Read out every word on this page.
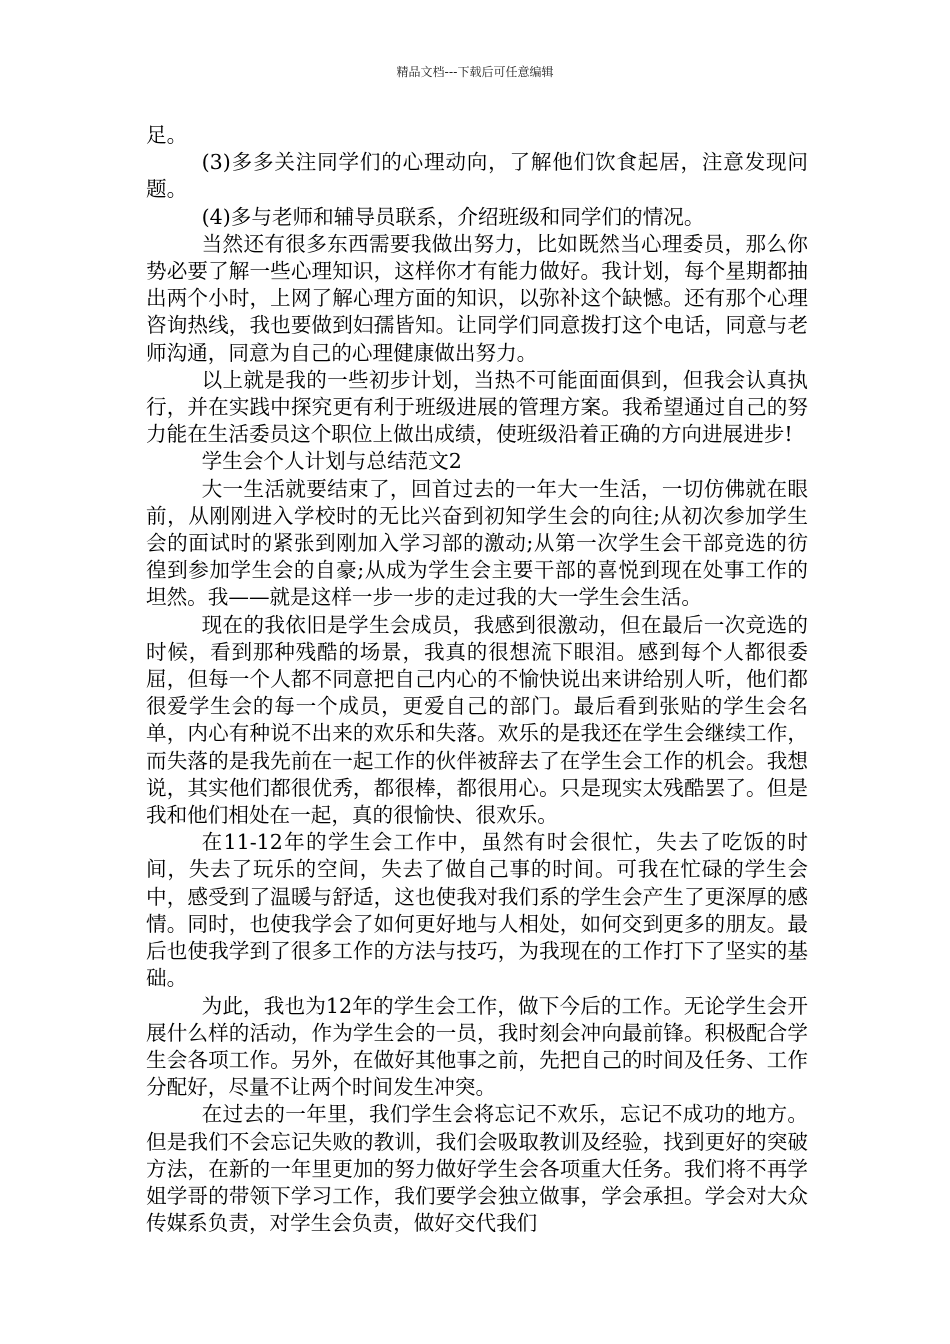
精品文档---下载后可任意编辑

足。

(3)多多关注同学们的心理动向，了解他们饮食起居，注意发现问题。

(4)多与老师和辅导员联系，介绍班级和同学们的情况。

当然还有很多东西需要我做出努力，比如既然当心理委员，那么你势必要了解一些心理知识，这样你才有能力做好。我计划，每个星期都抽出两个小时，上网了解心理方面的知识，以弥补这个缺憾。还有那个心理咨询热线，我也要做到妇孺皆知。让同学们同意拨打这个电话，同意与老师沟通，同意为自己的心理健康做出努力。

以上就是我的一些初步计划，当热不可能面面俱到，但我会认真执行，并在实践中探究更有利于班级进展的管理方案。我希望通过自己的努力能在生活委员这个职位上做出成绩，使班级沿着正确的方向进展进步!

学生会个人计划与总结范文2

大一生活就要结束了，回首过去的一年大一生活，一切仿佛就在眼前，从刚刚进入学校时的无比兴奋到初知学生会的向往;从初次参加学生会的面试时的紧张到刚加入学习部的激动;从第一次学生会干部竞选的彷徨到参加学生会的自豪;从成为学生会主要干部的喜悦到现在处事工作的坦然。我——就是这样一步一步的走过我的大一学生会生活。

现在的我依旧是学生会成员，我感到很激动，但在最后一次竞选的时候，看到那种残酷的场景，我真的很想流下眼泪。感到每个人都很委屈，但每一个人都不同意把自己内心的不愉快说出来讲给别人听，他们都很爱学生会的每一个成员，更爱自己的部门。最后看到张贴的学生会名单，内心有种说不出来的欢乐和失落。欢乐的是我还在学生会继续工作，而失落的是我先前在一起工作的伙伴被辞去了在学生会工作的机会。我想说，其实他们都很优秀，都很棒，都很用心。只是现实太残酷罢了。但是我和他们相处在一起，真的很愉快、很欢乐。

在11-12年的学生会工作中，虽然有时会很忙，失去了吃饭的时间，失去了玩乐的空间，失去了做自己事的时间。可我在忙碌的学生会中，感受到了温暖与舒适，这也使我对我们系的学生会产生了更深厚的感情。同时，也使我学会了如何更好地与人相处，如何交到更多的朋友。最后也使我学到了很多工作的方法与技巧，为我现在的工作打下了坚实的基础。

为此，我也为12年的学生会工作，做下今后的工作。无论学生会开展什么样的活动，作为学生会的一员，我时刻会冲向最前锋。积极配合学生会各项工作。另外，在做好其他事之前，先把自己的时间及任务、工作分配好，尽量不让两个时间发生冲突。

在过去的一年里，我们学生会将忘记不欢乐，忘记不成功的地方。但是我们不会忘记失败的教训，我们会吸取教训及经验，找到更好的突破方法，在新的一年里更加的努力做好学生会各项重大任务。我们将不再学姐学哥的带领下学习工作，我们要学会独立做事，学会承担。学会对大众传媒系负责，对学生会负责，做好交代我们
